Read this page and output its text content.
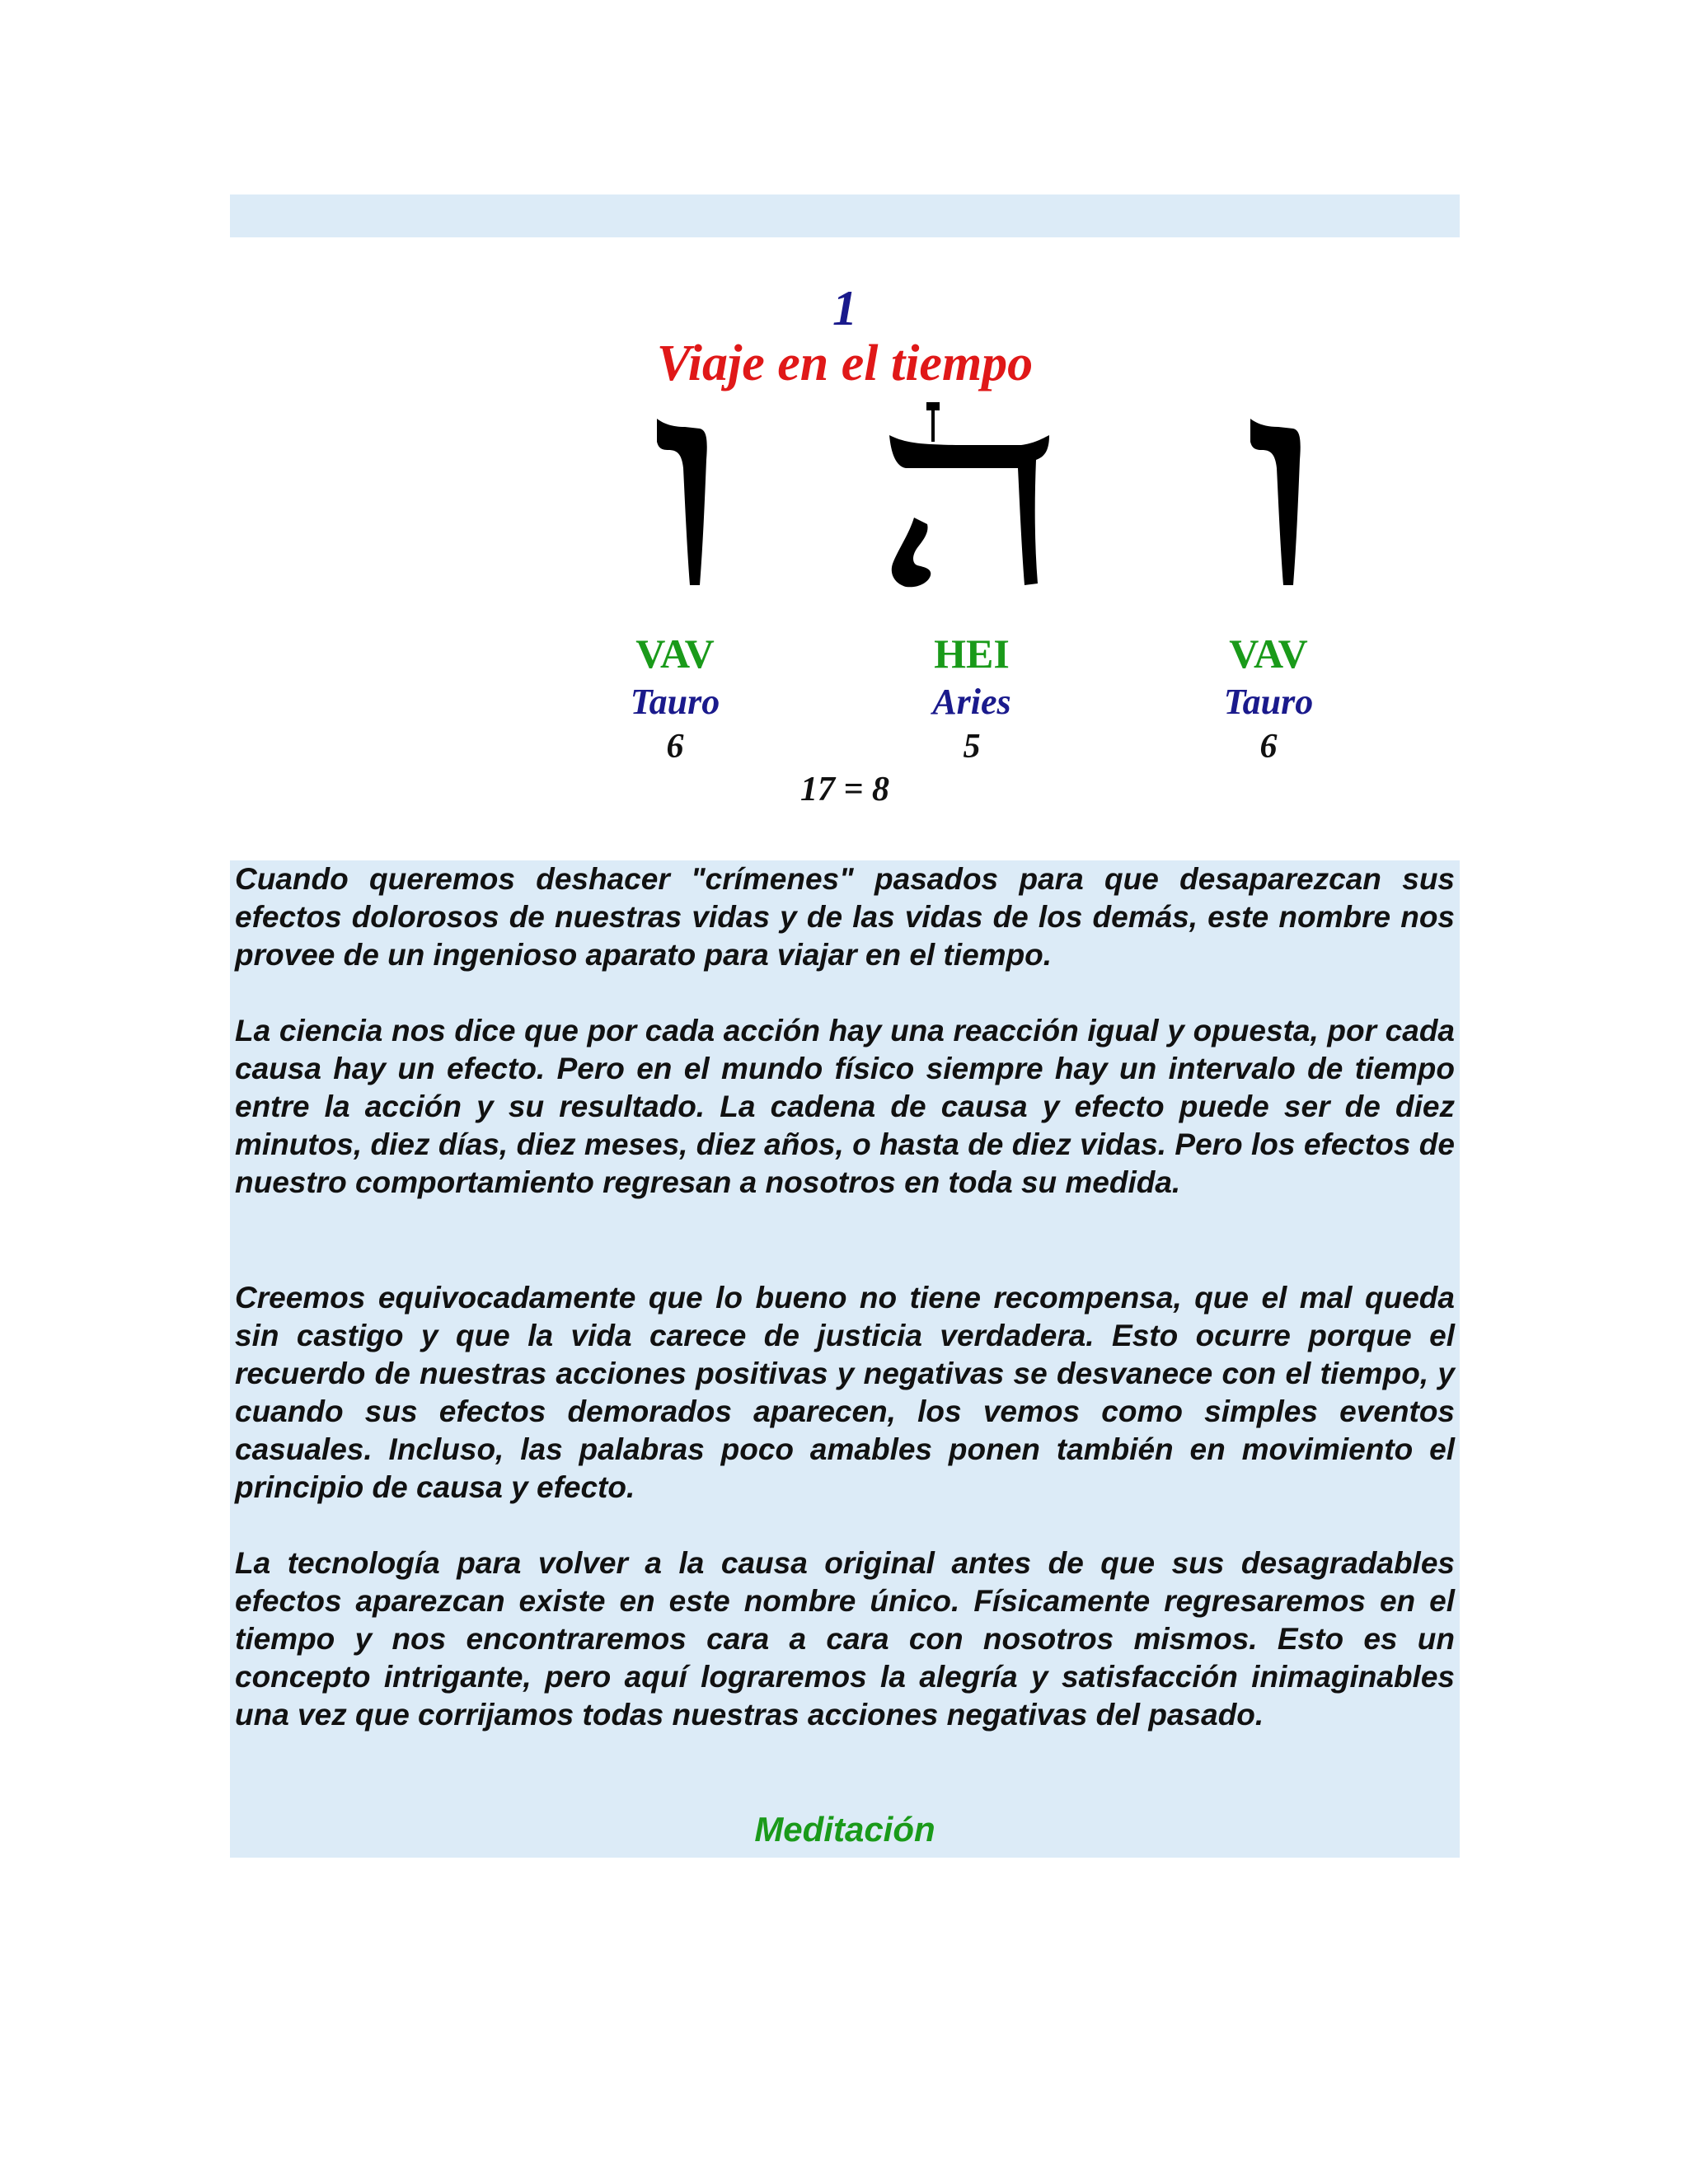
1
Viaje en el tiempo
VAV
Tauro
6
HEI
Aries
5
VAV
Tauro
6
17 = 8

Cuando queremos deshacer "crímenes" pasados para que desaparezcan sus efectos dolorosos de nuestras vidas y de las vidas de los demás, este nombre nos provee de un ingenioso aparato para viajar en el tiempo.

La ciencia nos dice que por cada acción hay una reacción igual y opuesta, por cada causa hay un efecto. Pero en el mundo físico siempre hay un intervalo de tiempo entre la acción y su resultado. La cadena de causa y efecto puede ser de diez minutos, diez días, diez meses, diez años, o hasta de diez vidas. Pero los efectos de nuestro comportamiento regresan a nosotros en toda su medida.

Creemos equivocadamente que lo bueno no tiene recompensa, que el mal queda sin castigo y que la vida carece de justicia verdadera. Esto ocurre porque el recuerdo de nuestras acciones positivas y negativas se desvanece con el tiempo, y cuando sus efectos demorados aparecen, los vemos como simples eventos casuales. Incluso, las palabras poco amables ponen también en movimiento el principio de causa y efecto.

La tecnología para volver a la causa original antes de que sus desagradables efectos aparezcan existe en este nombre único. Físicamente regresaremos en el tiempo y nos encontraremos cara a cara con nosotros mismos. Esto es un concepto intrigante, pero aquí lograremos la alegría y satisfacción inimaginables una vez que corrijamos todas nuestras acciones negativas del pasado.

Meditación
